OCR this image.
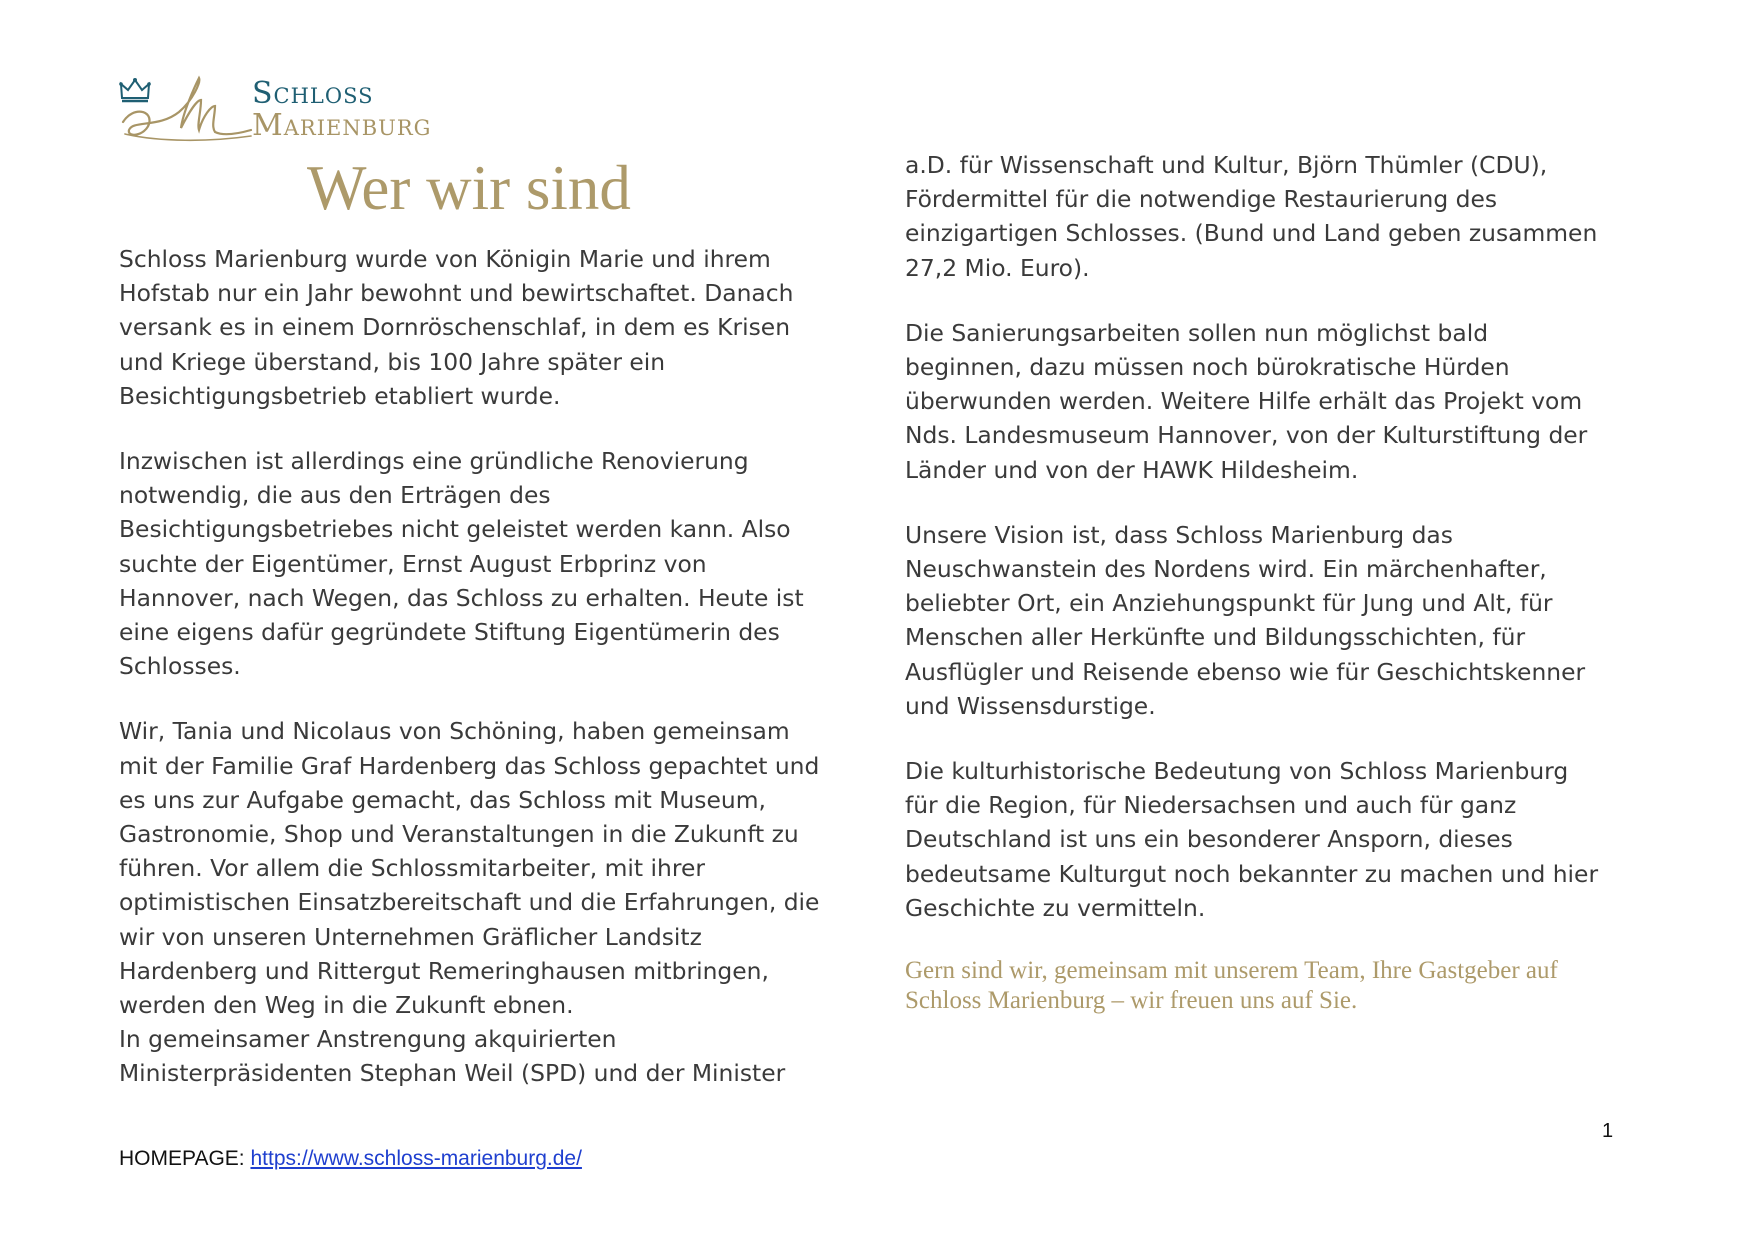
Schloss
Marienburg
Wer wir sind

Schloss Marienburg wurde von Königin Marie und ihrem
Hofstab nur ein Jahr bewohnt und bewirtschaftet. Danach
versank es in einem Dornröschenschlaf, in dem es Krisen
und Kriege überstand, bis 100 Jahre später ein
Besichtigungsbetrieb etabliert wurde.

Inzwischen ist allerdings eine gründliche Renovierung
notwendig, die aus den Erträgen des
Besichtigungsbetriebes nicht geleistet werden kann. Also
suchte der Eigentümer, Ernst August Erbprinz von
Hannover, nach Wegen, das Schloss zu erhalten. Heute ist
eine eigens dafür gegründete Stiftung Eigentümerin des
Schlosses.

Wir, Tania und Nicolaus von Schöning, haben gemeinsam
mit der Familie Graf Hardenberg das Schloss gepachtet und
es uns zur Aufgabe gemacht, das Schloss mit Museum,
Gastronomie, Shop und Veranstaltungen in die Zukunft zu
führen. Vor allem die Schlossmitarbeiter, mit ihrer
optimistischen Einsatzbereitschaft und die Erfahrungen, die
wir von unseren Unternehmen Gräflicher Landsitz
Hardenberg und Rittergut Remeringhausen mitbringen,
werden den Weg in die Zukunft ebnen.

In gemeinsamer Anstrengung akquirierten
Ministerpräsidenten Stephan Weil (SPD) und der Minister

a.D. für Wissenschaft und Kultur, Björn Thümler (CDU),
Fördermittel für die notwendige Restaurierung des
einzigartigen Schlosses. (Bund und Land geben zusammen
27,2 Mio. Euro).

Die Sanierungsarbeiten sollen nun möglichst bald
beginnen, dazu müssen noch bürokratische Hürden
überwunden werden. Weitere Hilfe erhält das Projekt vom
Nds. Landesmuseum Hannover, von der Kulturstiftung der
Länder und von der HAWK Hildesheim.

Unsere Vision ist, dass Schloss Marienburg das
Neuschwanstein des Nordens wird. Ein märchenhafter,
beliebter Ort, ein Anziehungspunkt für Jung und Alt, für
Menschen aller Herkünfte und Bildungsschichten, für
Ausflügler und Reisende ebenso wie für Geschichtskenner
und Wissensdurstige.

Die kulturhistorische Bedeutung von Schloss Marienburg
für die Region, für Niedersachsen und auch für ganz
Deutschland ist uns ein besonderer Ansporn, dieses
bedeutsame Kulturgut noch bekannter zu machen und hier
Geschichte zu vermitteln.

Gern sind wir, gemeinsam mit unserem Team, Ihre Gastgeber auf
Schloss Marienburg – wir freuen uns auf Sie.

1
HOMEPAGE: https://www.schloss-marienburg.de/
